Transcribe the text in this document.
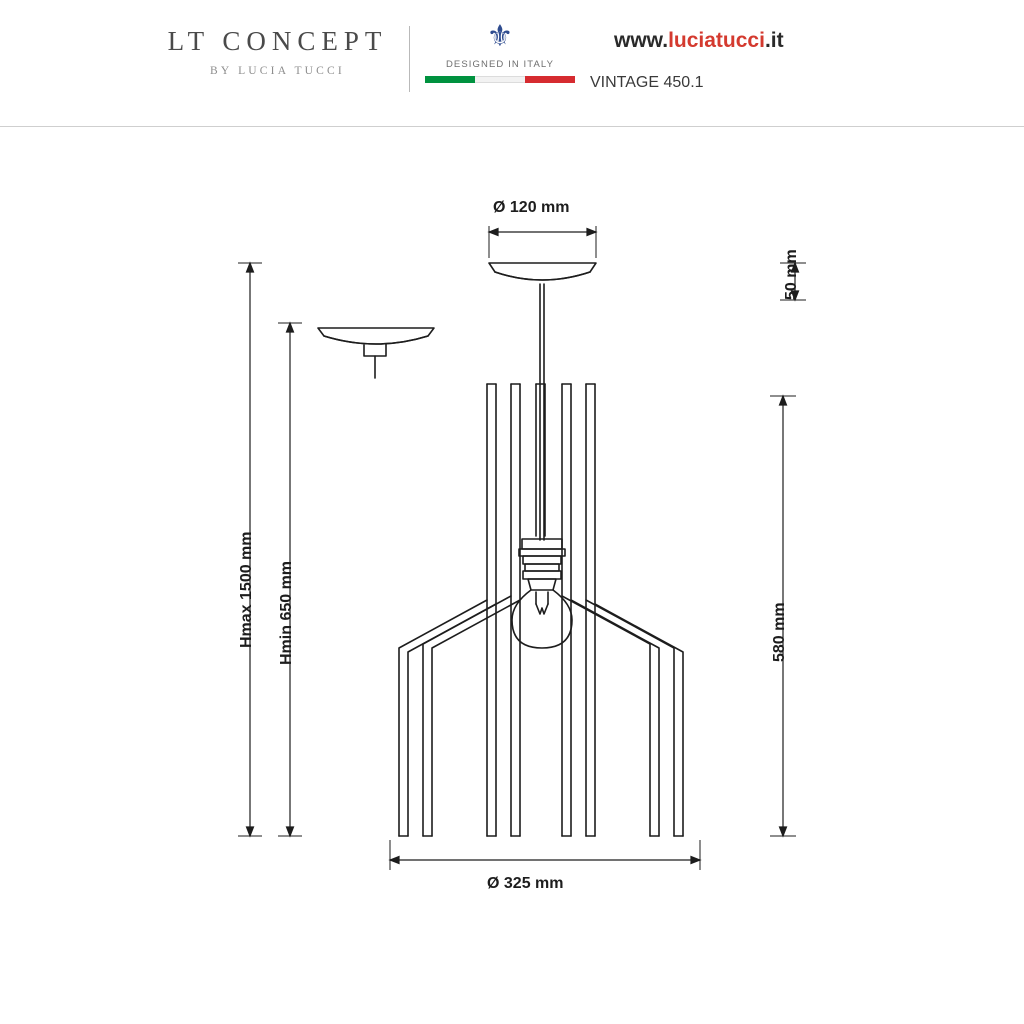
LT CONCEPT
BY LUCIA TUCCI
⚜
DESIGNED IN ITALY
www.luciatucci.it
VINTAGE 450.1
Ø 120 mm
50 mm
580 mm
Hmax 1500 mm Hmin 650 mm
Ø 325 mm
